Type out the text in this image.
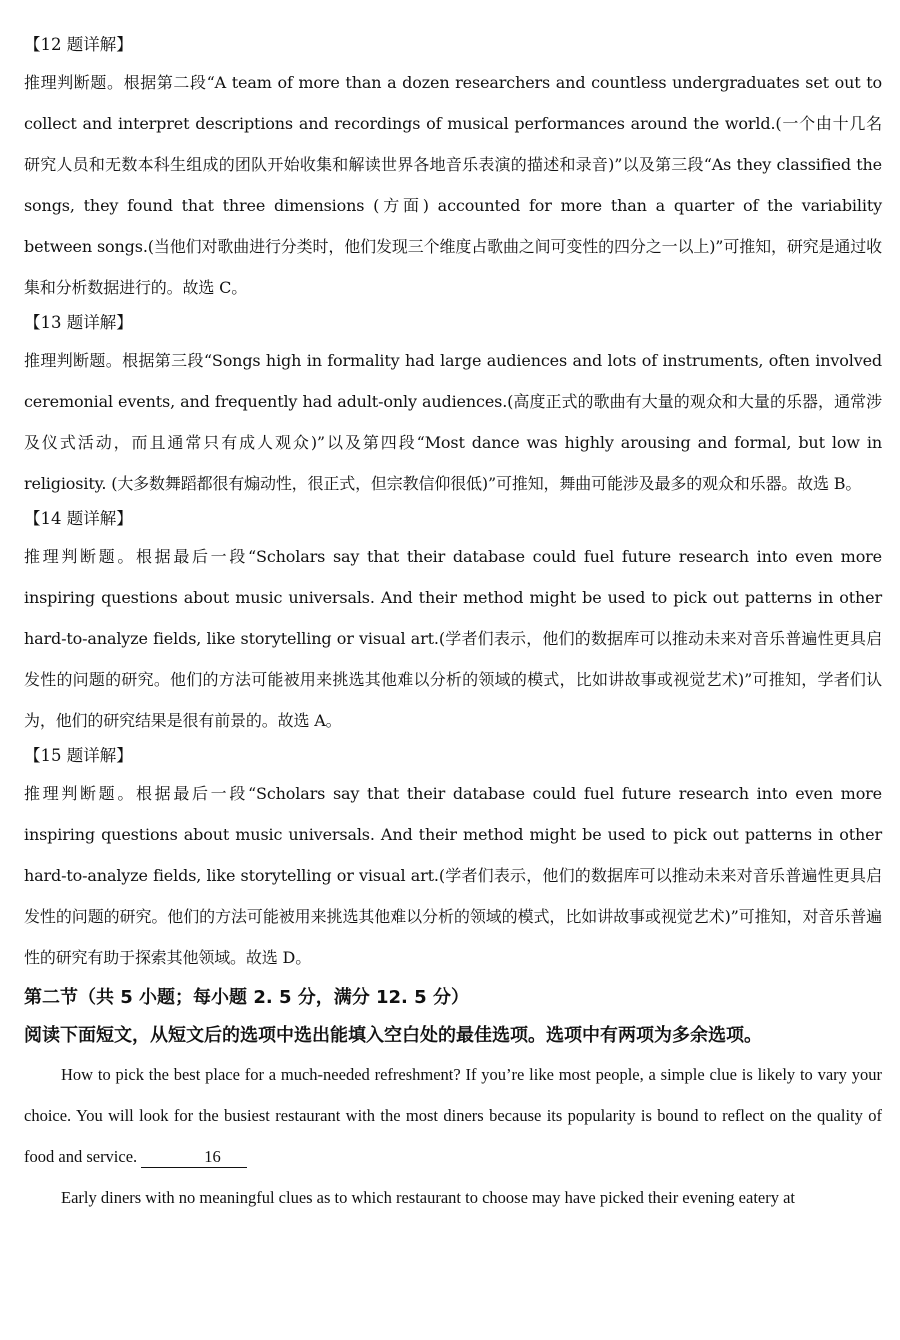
【12 题详解】

推理判断题。根据第二段“A team of more than a dozen researchers and countless undergraduates set out to collect and interpret descriptions and recordings of musical performances around the world.(一个由十几名研究人员和无数本科生组成的团队开始收集和解读世界各地音乐表演的描述和录音)”以及第三段“As they classified the songs, they found that three dimensions (方面) accounted for more than a quarter of the variability between songs.(当他们对歌曲进行分类时，他们发现三个维度占歌曲之间可变性的四分之一以上)”可推知，研究是通过收集和分析数据进行的。故选 C。

【13 题详解】

推理判断题。根据第三段“Songs high in formality had large audiences and lots of instruments, often involved ceremonial events, and frequently had adult-only audiences.(高度正式的歌曲有大量的观众和大量的乐器，通常涉及仪式活动，而且通常只有成人观众)”以及第四段“Most dance was highly arousing and formal, but low in religiosity. (大多数舞蹈都很有煽动性，很正式，但宗教信仰很低)”可推知，舞曲可能涉及最多的观众和乐器。故选 B。

【14 题详解】

推理判断题。根据最后一段“Scholars say that their database could fuel future research into even more inspiring questions about music universals. And their method might be used to pick out patterns in other hard-to-analyze fields, like storytelling or visual art.(学者们表示，他们的数据库可以推动未来对音乐普遍性更具启发性的问题的研究。他们的方法可能被用来挑选其他难以分析的领域的模式，比如讲故事或视觉艺术)”可推知，学者们认为，他们的研究结果是很有前景的。故选 A。

【15 题详解】

推理判断题。根据最后一段“Scholars say that their database could fuel future research into even more inspiring questions about music universals. And their method might be used to pick out patterns in other hard-to-analyze fields, like storytelling or visual art.(学者们表示，他们的数据库可以推动未来对音乐普遍性更具启发性的问题的研究。他们的方法可能被用来挑选其他难以分析的领域的模式，比如讲故事或视觉艺术)”可推知，对音乐普遍性的研究有助于探索其他领域。故选 D。

第二节（共 5 小题；每小题 2. 5 分，满分 12. 5 分）
阅读下面短文，从短文后的选项中选出能填入空白处的最佳选项。选项中有两项为多余选项。

How to pick the best place for a much-needed refreshment? If you’re like most people, a simple clue is likely to vary your choice. You will look for the busiest restaurant with the most diners because its popularity is bound to reflect on the quality of food and service.	16

Early diners with no meaningful clues as to which restaurant to choose may have picked their evening eatery at
